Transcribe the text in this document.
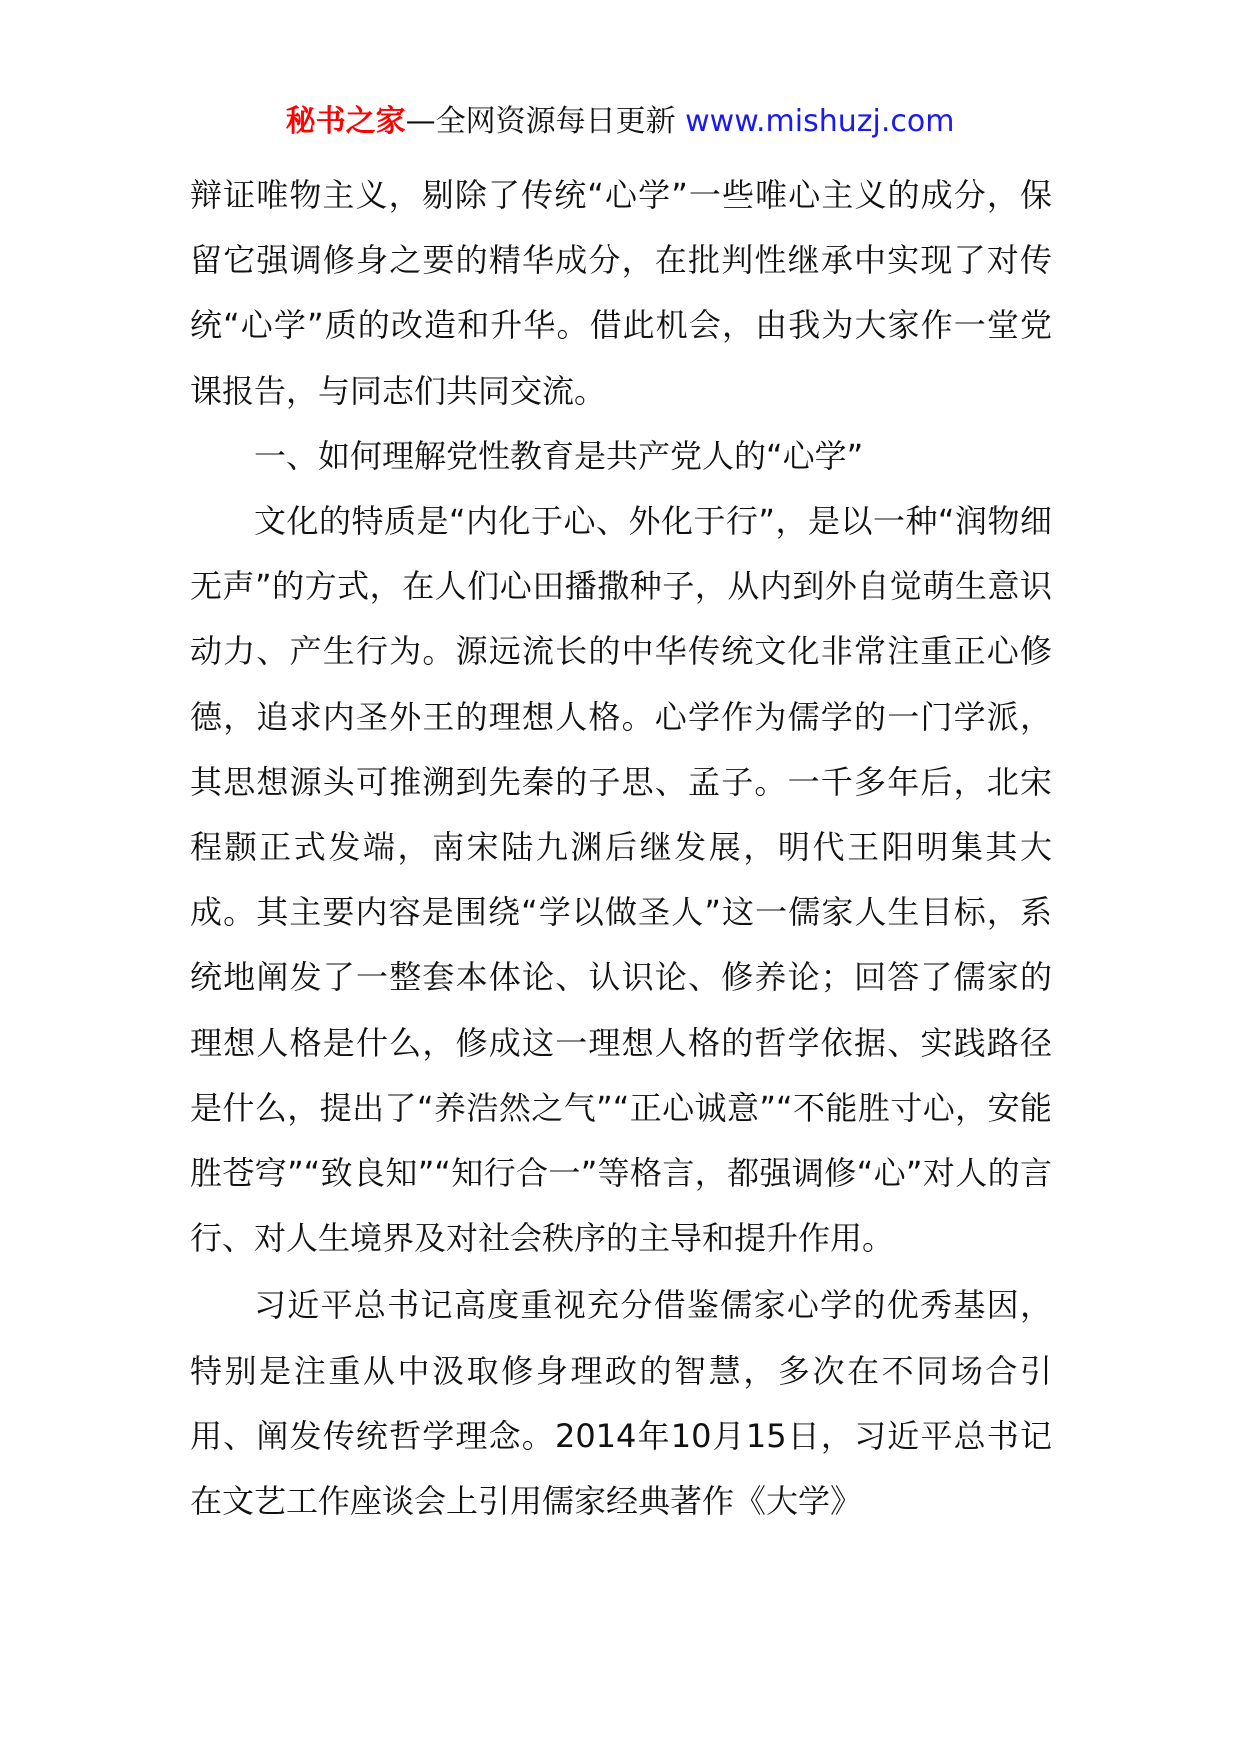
秘书之家—全网资源每日更新 www.mishuzj.com

辩证唯物主义，剔除了传统“心学”一些唯心主义的成分，保留它强调修身之要的精华成分，在批判性继承中实现了对传统“心学”质的改造和升华。借此机会，由我为大家作一堂党课报告，与同志们共同交流。

一、如何理解党性教育是共产党人的“心学”

文化的特质是“内化于心、外化于行”，是以一种“润物细无声”的方式，在人们心田播撒种子，从内到外自觉萌生意识动力、产生行为。源远流长的中华传统文化非常注重正心修德，追求内圣外王的理想人格。心学作为儒学的一门学派，其思想源头可推溯到先秦的子思、孟子。一千多年后，北宋程颢正式发端，南宋陆九渊后继发展，明代王阳明集其大成。其主要内容是围绕“学以做圣人”这一儒家人生目标，系统地阐发了一整套本体论、认识论、修养论；回答了儒家的理想人格是什么，修成这一理想人格的哲学依据、实践路径是什么，提出了“养浩然之气”“正心诚意”“不能胜寸心，安能胜苍穹”“致良知”“知行合一”等格言，都强调修“心”对人的言行、对人生境界及对社会秩序的主导和提升作用。

习近平总书记高度重视充分借鉴儒家心学的优秀基因，特别是注重从中汲取修身理政的智慧，多次在不同场合引用、阐发传统哲学理念。2014年10月15日，习近平总书记在文艺工作座谈会上引用儒家经典著作《大学》
